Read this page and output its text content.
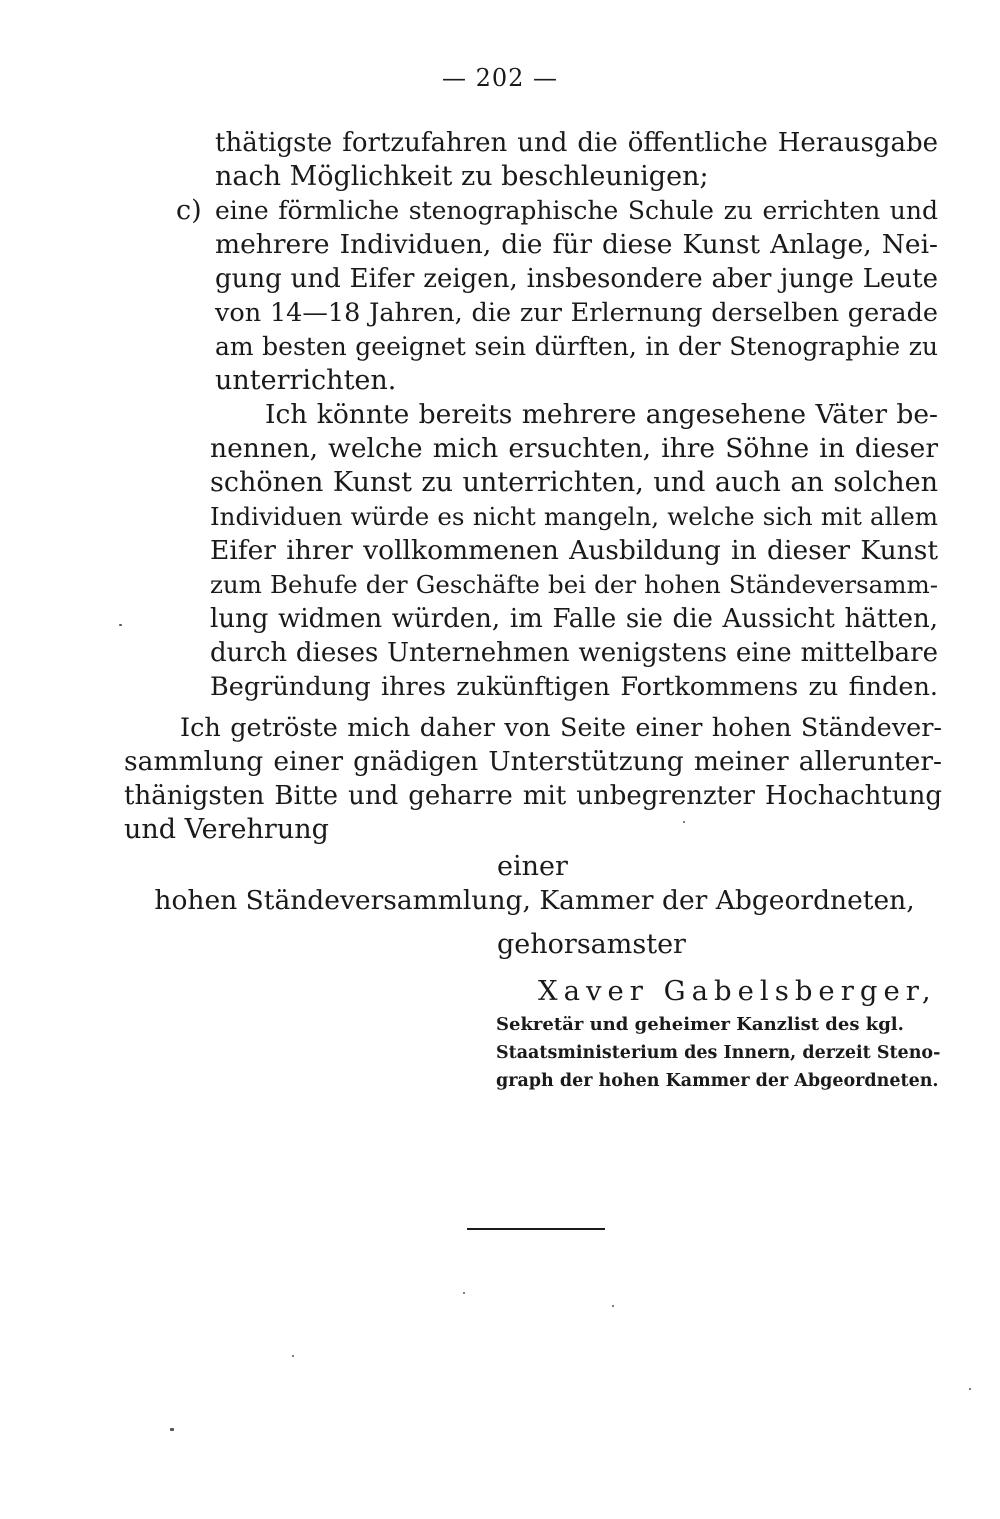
— 202 —
thätigste fortzufahren und die öffentliche Herausgabe
nach Möglichkeit zu beschleunigen;
c) eine förmliche stenographische Schule zu errichten und
mehrere Individuen, die für diese Kunst Anlage, Nei-
gung und Eifer zeigen, insbesondere aber junge Leute
von 14—18 Jahren, die zur Erlernung derselben gerade
am besten geeignet sein dürften, in der Stenographie zu
unterrichten.
Ich könnte bereits mehrere angesehene Väter be-
nennen, welche mich ersuchten, ihre Söhne in dieser
schönen Kunst zu unterrichten, und auch an solchen
Individuen würde es nicht mangeln, welche sich mit allem
Eifer ihrer vollkommenen Ausbildung in dieser Kunst
zum Behufe der Geschäfte bei der hohen Ständeversamm-
lung widmen würden, im Falle sie die Aussicht hätten,
durch dieses Unternehmen wenigstens eine mittelbare
Begründung ihres zukünftigen Fortkommens zu finden.
Ich getröste mich daher von Seite einer hohen Ständever-
sammlung einer gnädigen Unterstützung meiner allerunter-
thänigsten Bitte und geharre mit unbegrenzter Hochachtung
und Verehrung
einer
hohen Ständeversammlung, Kammer der Abgeordneten,
gehorsamster
Xaver Gabelsberger,
Sekretär und geheimer Kanzlist des kgl.
Staatsministerium des Innern, derzeit Steno-
graph der hohen Kammer der Abgeordneten.
